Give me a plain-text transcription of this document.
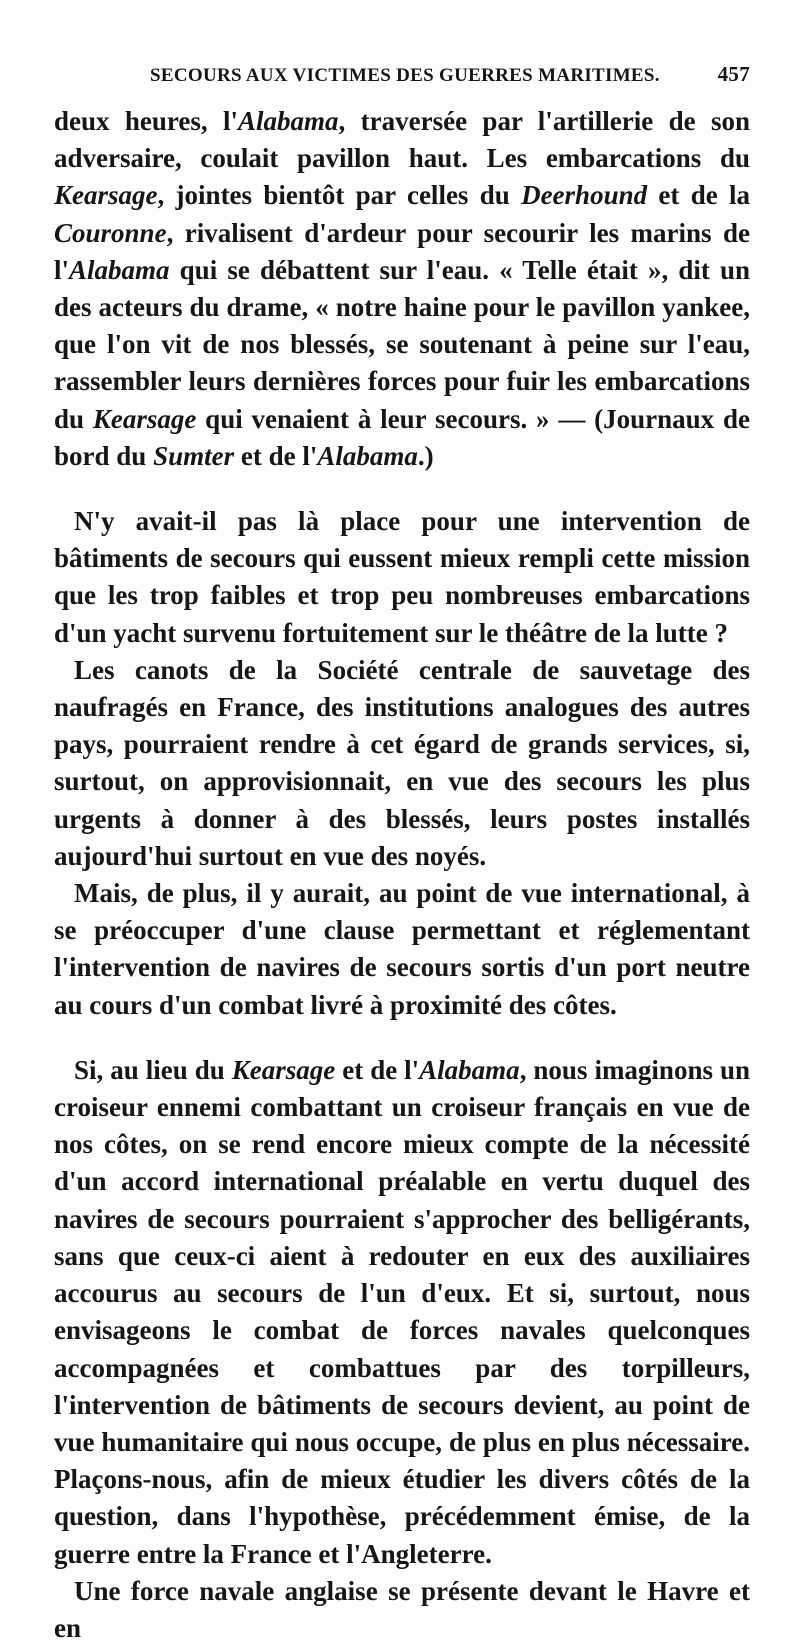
SECOURS AUX VICTIMES DES GUERRES MARITIMES.	457

deux heures, l'Alabama, traversée par l'artillerie de son adversaire, coulait pavillon haut. Les embarcations du Kearsage, jointes bientôt par celles du Deerhound et de la Couronne, rivalisent d'ardeur pour secourir les marins de l'Alabama qui se débattent sur l'eau. « Telle était », dit un des acteurs du drame, « notre haine pour le pavillon yankee, que l'on vit de nos blessés, se soutenant à peine sur l'eau, rassembler leurs dernières forces pour fuir les embarcations du Kearsage qui venaient à leur secours. » — (Journaux de bord du Sumter et de l'Alabama.)

N'y avait-il pas là place pour une intervention de bâtiments de secours qui eussent mieux rempli cette mission que les trop faibles et trop peu nombreuses embarcations d'un yacht survenu fortuitement sur le théâtre de la lutte ?

Les canots de la Société centrale de sauvetage des naufragés en France, des institutions analogues des autres pays, pourraient rendre à cet égard de grands services, si, surtout, on approvisionnait, en vue des secours les plus urgents à donner à des blessés, leurs postes installés aujourd'hui surtout en vue des noyés.

Mais, de plus, il y aurait, au point de vue international, à se préoccuper d'une clause permettant et réglementant l'intervention de navires de secours sortis d'un port neutre au cours d'un combat livré à proximité des côtes.

Si, au lieu du Kearsage et de l'Alabama, nous imaginons un croiseur ennemi combattant un croiseur français en vue de nos côtes, on se rend encore mieux compte de la nécessité d'un accord international préalable en vertu duquel des navires de secours pourraient s'approcher des belligérants, sans que ceux-ci aient à redouter en eux des auxiliaires accourus au secours de l'un d'eux. Et si, surtout, nous envisageons le combat de forces navales quelconques accompagnées et combattues par des torpilleurs, l'intervention de bâtiments de secours devient, au point de vue humanitaire qui nous occupe, de plus en plus nécessaire. Plaçons-nous, afin de mieux étudier les divers côtés de la question, dans l'hypothèse, précédemment émise, de la guerre entre la France et l'Angleterre.

Une force navale anglaise se présente devant le Havre et en
